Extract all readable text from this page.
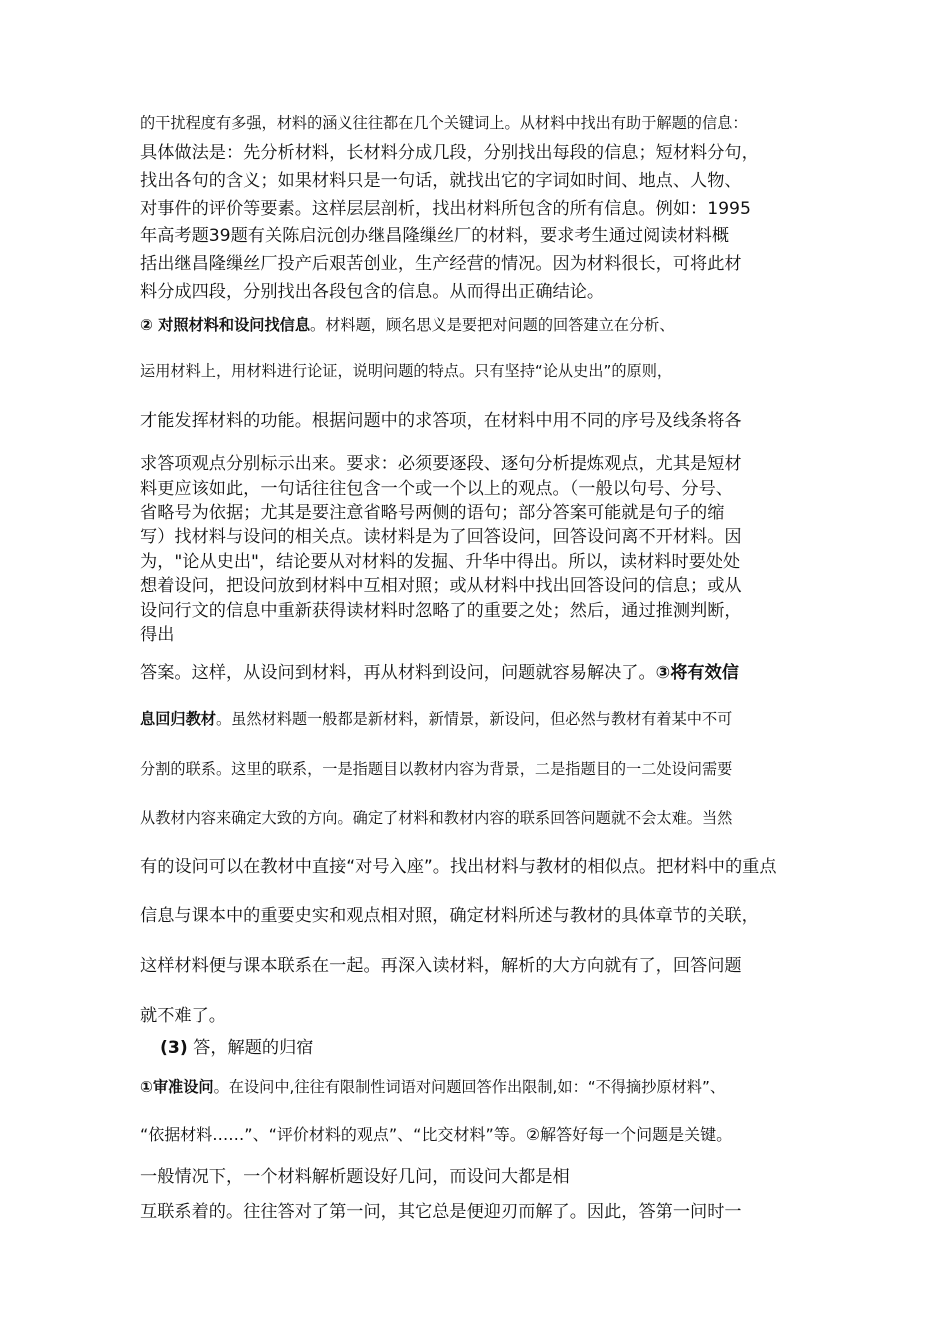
的干扰程度有多强，材料的涵义往往都在几个关键词上。从材料中找出有助于解题的信息：
具体做法是：先分析材料，长材料分成几段，分别找出每段的信息；短材料分句，
找出各句的含义；如果材料只是一句话，就找出它的字词如时间、地点、人物、
对事件的评价等要素。这样层层剖析，找出材料所包含的所有信息。例如：1995
年高考题39题有关陈启沅创办继昌隆缫丝厂的材料，要求考生通过阅读材料概
括出继昌隆缫丝厂投产后艰苦创业，生产经营的情况。因为材料很长，可将此材
料分成四段，分别找出各段包含的信息。从而得出正确结论。
② 对照材料和设问找信息。材料题，顾名思义是要把对问题的回答建立在分析、
运用材料上，用材料进行论证，说明问题的特点。只有坚持“论从史出”的原则，
才能发挥材料的功能。根据问题中的求答项，在材料中用不同的序号及线条将各
求答项观点分别标示出来。要求：必须要逐段、逐句分析提炼观点，尤其是短材
料更应该如此，一句话往往包含一个或一个以上的观点。（一般以句号、分号、
省略号为依据；尤其是要注意省略号两侧的语句；部分答案可能就是句子的缩
写）找材料与设问的相关点。读材料是为了回答设问，回答设问离不开材料。因
为，"论从史出"，结论要从对材料的发掘、升华中得出。所以，读材料时要处处
想着设问，把设问放到材料中互相对照；或从材料中找出回答设问的信息；或从
设问行文的信息中重新获得读材料时忽略了的重要之处；然后，通过推测判断，
得出
答案。这样，从设问到材料，再从材料到设问，问题就容易解决了。③将有效信
息回归教材。虽然材料题一般都是新材料，新情景，新设问，但必然与教材有着某中不可
分割的联系。这里的联系，一是指题目以教材内容为背景，二是指题目的一二处设问需要
从教材内容来确定大致的方向。确定了材料和教材内容的联系回答问题就不会太难。当然
有的设问可以在教材中直接“对号入座”。找出材料与教材的相似点。把材料中的重点
信息与课本中的重要史实和观点相对照，确定材料所述与教材的具体章节的关联，
这样材料便与课本联系在一起。再深入读材料，解析的大方向就有了，回答问题
就不难了。
(3) 答，解题的归宿
①审准设问。在设问中,往往有限制性词语对问题回答作出限制,如：“不得摘抄原材料”、
“依据材料……”、“评价材料的观点”、“比交材料”等。②解答好每一个问题是关键。
一般情况下，一个材料解析题设好几问，而设问大都是相
互联系着的。往往答对了第一问，其它总是便迎刃而解了。因此，答第一问时一
